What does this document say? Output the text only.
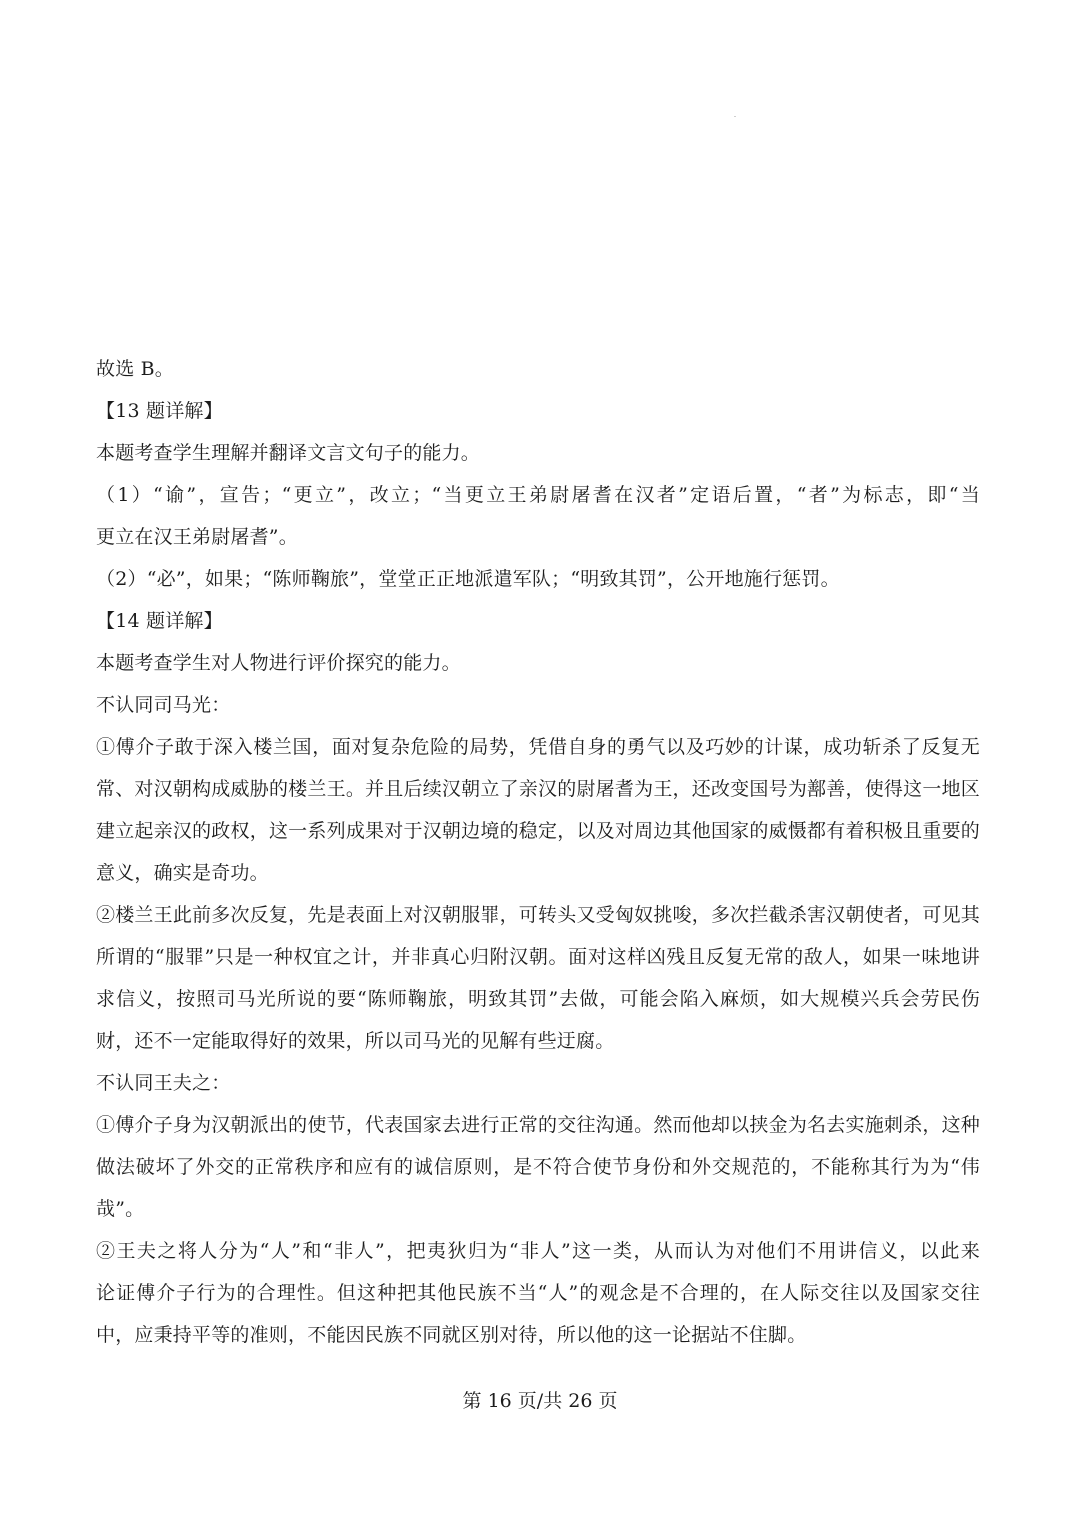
故选 B。
【13 题详解】
本题考查学生理解并翻译文言文句子的能力。
（1）“谕”，宣告；“更立”，改立；“当更立王弟尉屠耆在汉者”定语后置，“者”为标志，即“当
更立在汉王弟尉屠耆”。
（2）“必”，如果；“陈师鞠旅”，堂堂正正地派遣军队；“明致其罚”，公开地施行惩罚。
【14 题详解】
本题考查学生对人物进行评价探究的能力。
不认同司马光：
①傅介子敢于深入楼兰国，面对复杂危险的局势，凭借自身的勇气以及巧妙的计谋，成功斩杀了反复无
常、对汉朝构成威胁的楼兰王。并且后续汉朝立了亲汉的尉屠耆为王，还改变国号为鄯善，使得这一地区
建立起亲汉的政权，这一系列成果对于汉朝边境的稳定，以及对周边其他国家的威慑都有着积极且重要的
意义，确实是奇功。
②楼兰王此前多次反复，先是表面上对汉朝服罪，可转头又受匈奴挑唆，多次拦截杀害汉朝使者，可见其
所谓的“服罪”只是一种权宜之计，并非真心归附汉朝。面对这样凶残且反复无常的敌人，如果一味地讲
求信义，按照司马光所说的要“陈师鞠旅，明致其罚”去做，可能会陷入麻烦，如大规模兴兵会劳民伤
财，还不一定能取得好的效果，所以司马光的见解有些迂腐。
不认同王夫之：
①傅介子身为汉朝派出的使节，代表国家去进行正常的交往沟通。然而他却以挟金为名去实施刺杀，这种
做法破坏了外交的正常秩序和应有的诚信原则，是不符合使节身份和外交规范的，不能称其行为为“伟
哉”。
②王夫之将人分为“人”和“非人”，把夷狄归为“非人”这一类，从而认为对他们不用讲信义，以此来
论证傅介子行为的合理性。但这种把其他民族不当“人”的观念是不合理的，在人际交往以及国家交往
中，应秉持平等的准则，不能因民族不同就区别对待，所以他的这一论据站不住脚。
第 16 页/共 26 页
